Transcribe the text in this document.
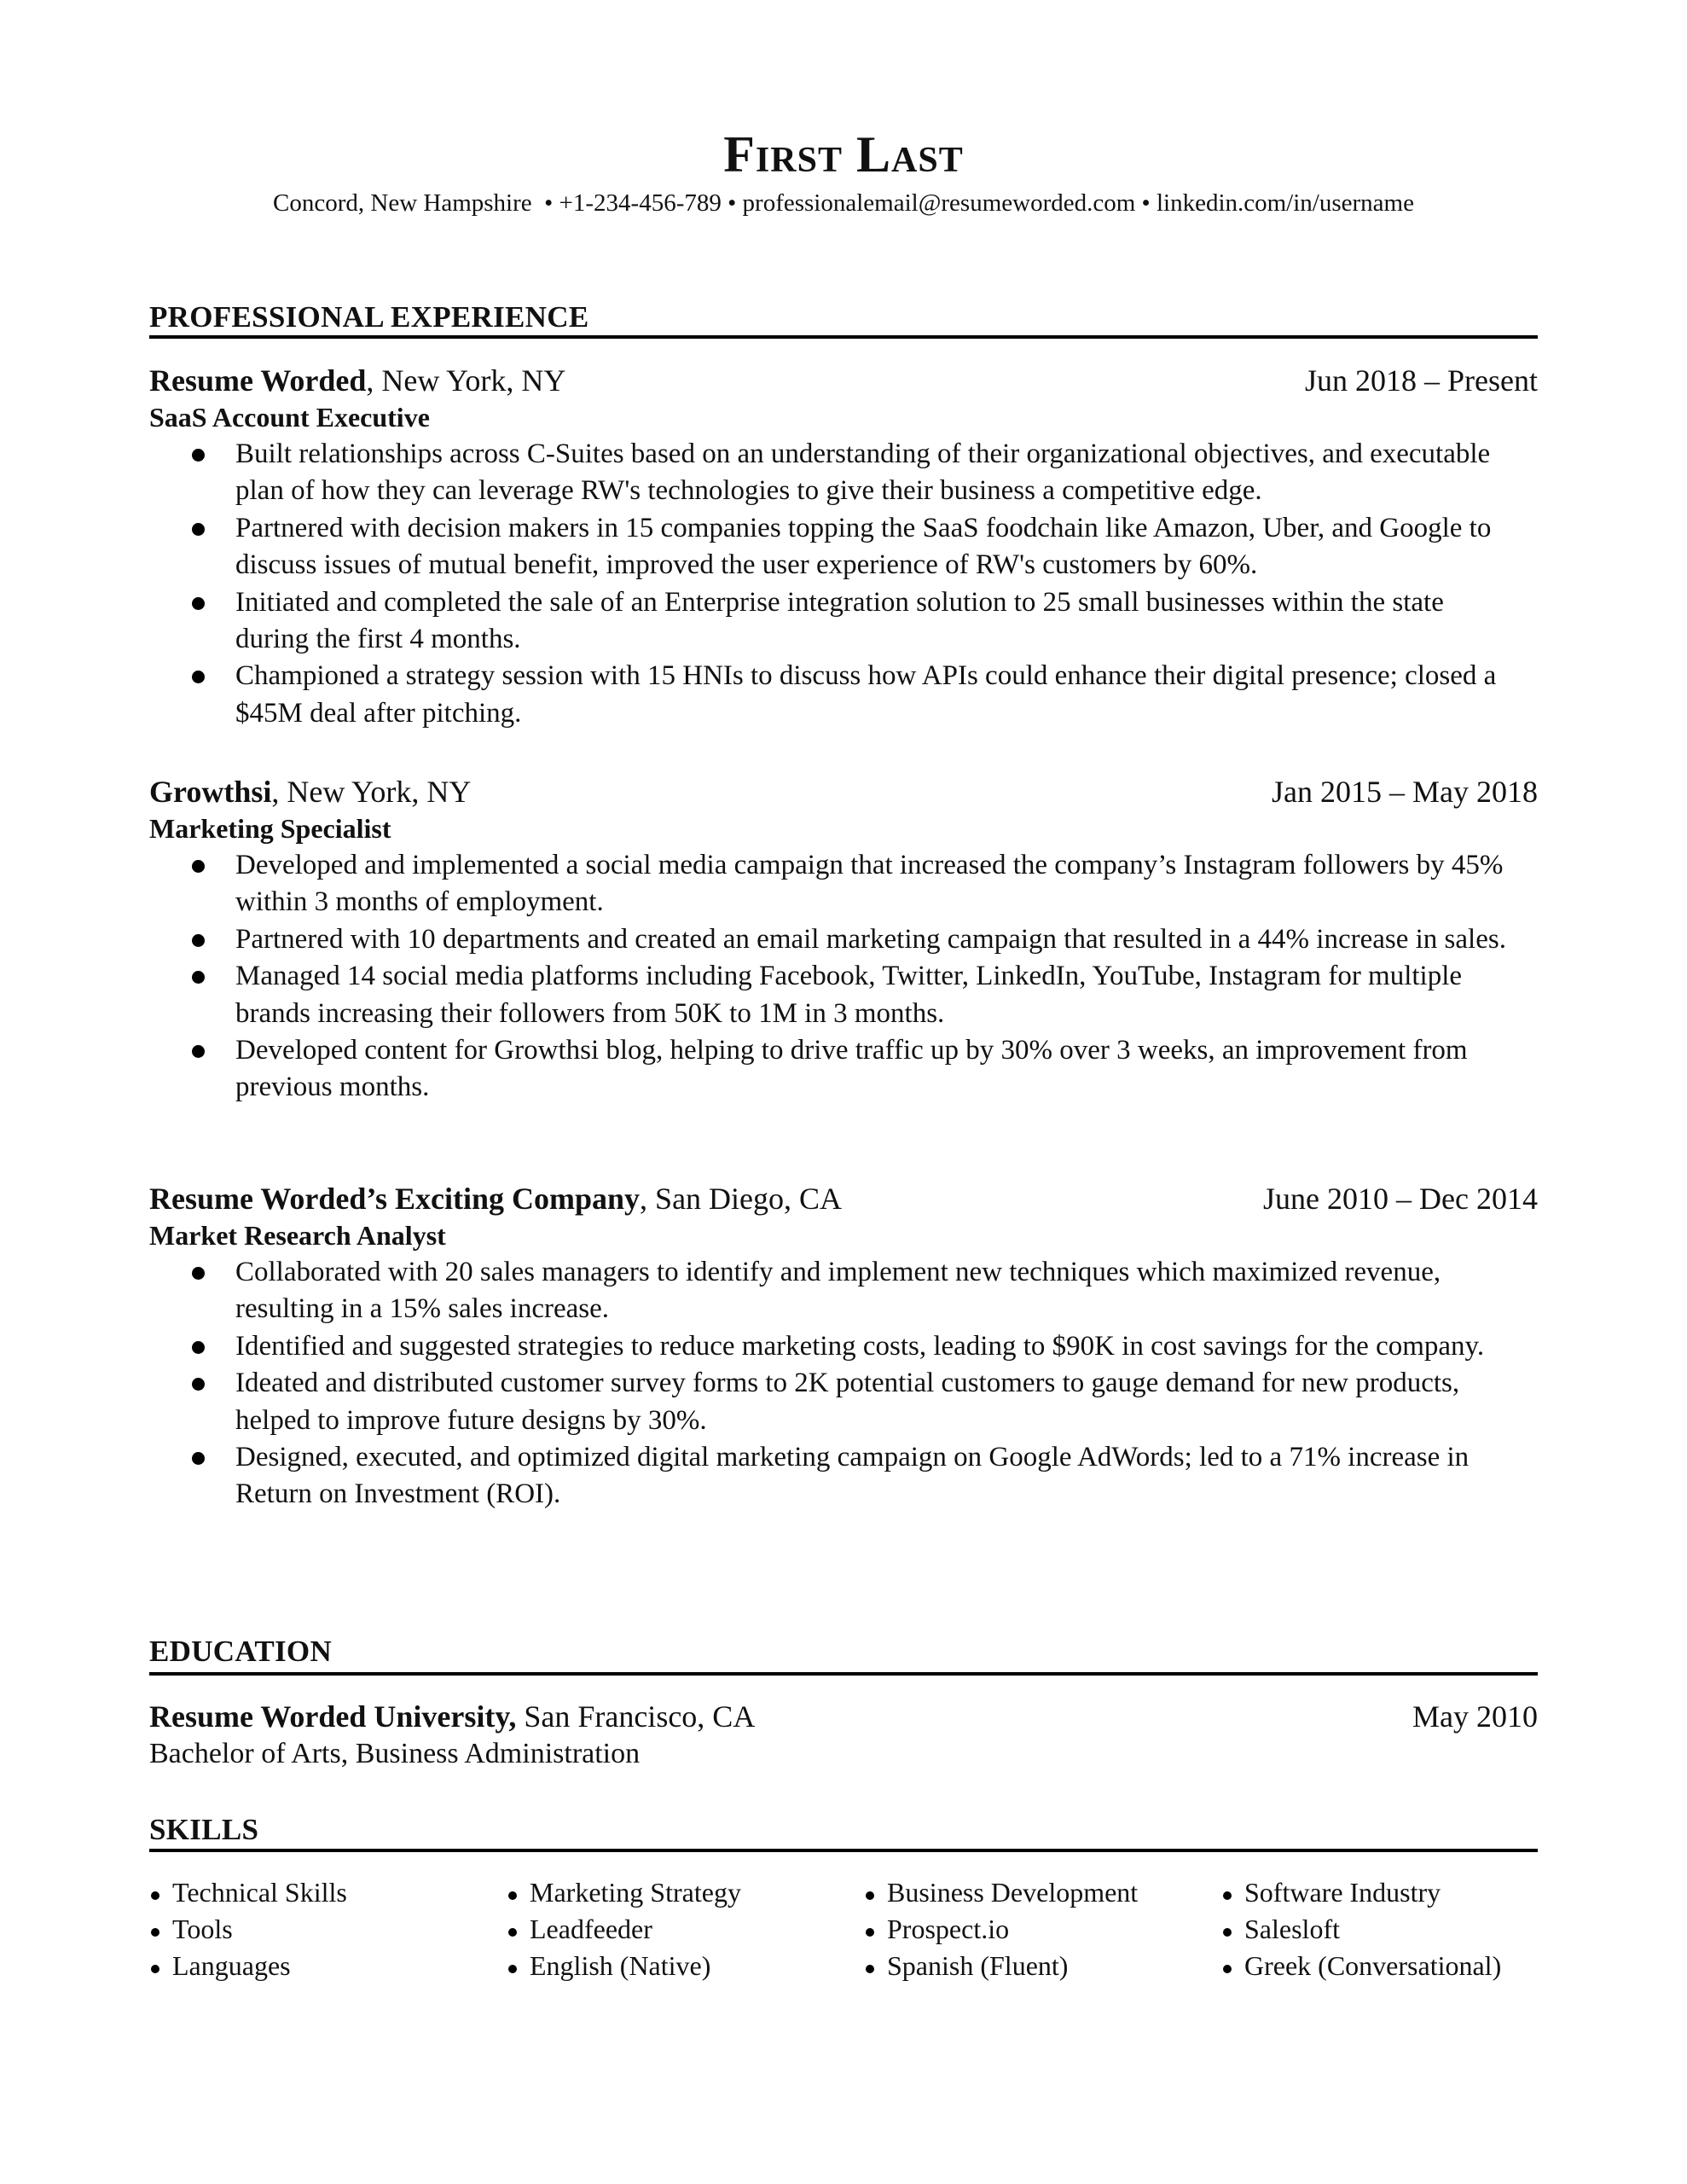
First Last
Concord, New Hampshire • +1-234-456-789 • professionalemail@resumeworded.com • linkedin.com/in/username
PROFESSIONAL EXPERIENCE
Resume Worded, New York, NY	Jun 2018 – Present
SaaS Account Executive
Built relationships across C-Suites based on an understanding of their organizational objectives, and executable plan of how they can leverage RW's technologies to give their business a competitive edge.
Partnered with decision makers in 15 companies topping the SaaS foodchain like Amazon, Uber, and Google to discuss issues of mutual benefit, improved the user experience of RW's customers by 60%.
Initiated and completed the sale of an Enterprise integration solution to 25 small businesses within the state during the first 4 months.
Championed a strategy session with 15 HNIs to discuss how APIs could enhance their digital presence; closed a $45M deal after pitching.
Growthsi, New York, NY	Jan 2015 – May 2018
Marketing Specialist
Developed and implemented a social media campaign that increased the company’s Instagram followers by 45% within 3 months of employment.
Partnered with 10 departments and created an email marketing campaign that resulted in a 44% increase in sales.
Managed 14 social media platforms including Facebook, Twitter, LinkedIn, YouTube, Instagram for multiple brands increasing their followers from 50K to 1M in 3 months.
Developed content for Growthsi blog, helping to drive traffic up by 30% over 3 weeks, an improvement from previous months.
Resume Worded’s Exciting Company, San Diego, CA	June 2010 – Dec 2014
Market Research Analyst
Collaborated with 20 sales managers to identify and implement new techniques which maximized revenue, resulting in a 15% sales increase.
Identified and suggested strategies to reduce marketing costs, leading to $90K in cost savings for the company.
Ideated and distributed customer survey forms to 2K potential customers to gauge demand for new products, helped to improve future designs by 30%.
Designed, executed, and optimized digital marketing campaign on Google AdWords; led to a 71% increase in Return on Investment (ROI).
EDUCATION
Resume Worded University, San Francisco, CA	May 2010
Bachelor of Arts, Business Administration
SKILLS
Technical Skills	Marketing Strategy	Business Development	Software Industry
Tools	Leadfeeder	Prospect.io	Salesloft
Languages	English (Native)	Spanish (Fluent)	Greek (Conversational)
